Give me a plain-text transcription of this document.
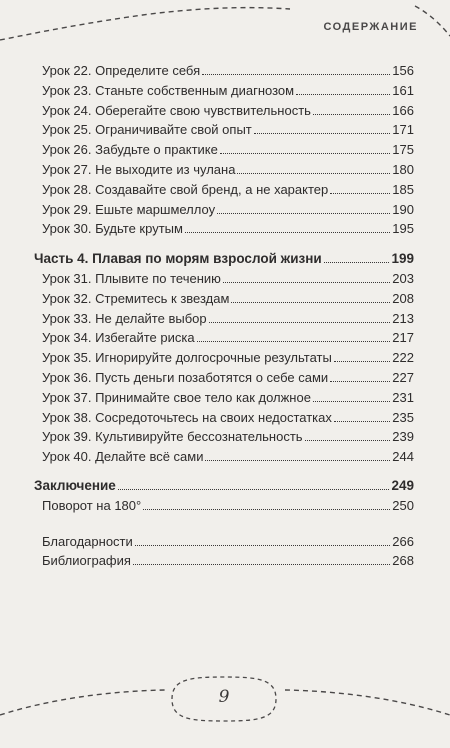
СОДЕРЖАНИЕ
Урок 22. Определите себя	156
Урок 23. Станьте собственным диагнозом	161
Урок 24. Оберегайте свою чувствительность	166
Урок 25. Ограничивайте свой опыт	171
Урок 26. Забудьте о практике	175
Урок 27. Не выходите из чулана	180
Урок 28. Создавайте свой бренд, а не характер	185
Урок 29. Ешьте маршмеллоу	190
Урок 30. Будьте крутым	195
Часть 4. Плавая по морям взрослой жизни	199
Урок 31. Плывите по течению	203
Урок 32. Стремитесь к звездам	208
Урок 33. Не делайте выбор	213
Урок 34. Избегайте риска	217
Урок 35. Игнорируйте долгосрочные результаты	222
Урок 36. Пусть деньги позаботятся о себе сами	227
Урок 37. Принимайте свое тело как должное	231
Урок 38. Сосредоточьтесь на своих недостатках	235
Урок 39. Культивируйте бессознательность	239
Урок 40. Делайте всё сами	244
Заключение	249
Поворот на 180°	250
Благодарности	266
Библиография	268
9
